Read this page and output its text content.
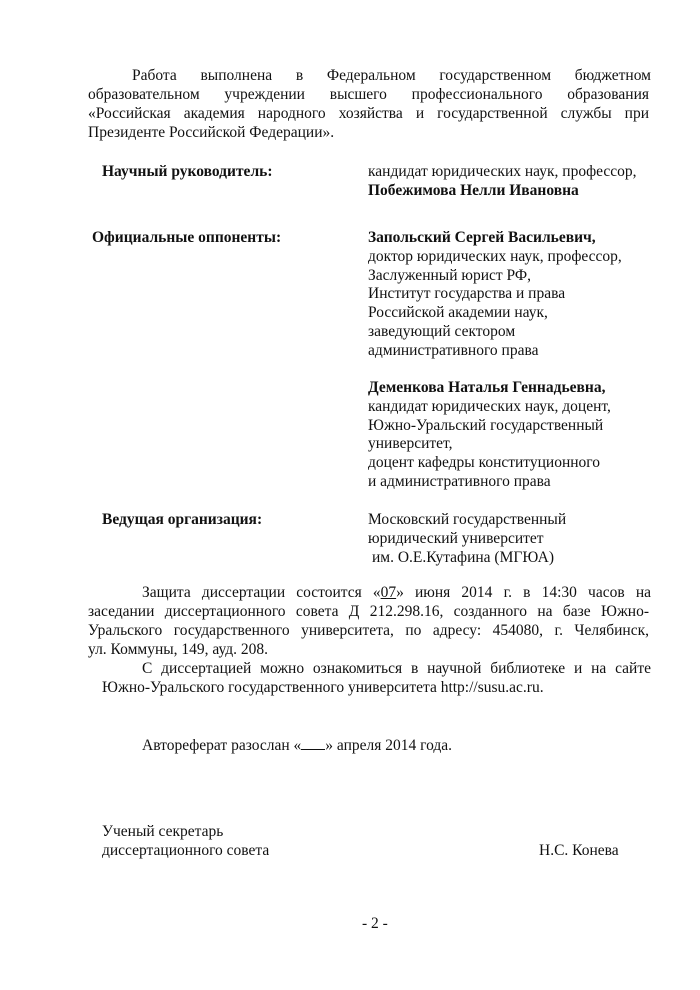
Работа выполнена в Федеральном государственном бюджетном
образовательном учреждении высшего профессионального образования
«Российская академия народного хозяйства и государственной службы при
Президенте Российской Федерации».
Научный руководитель:	кандидат юридических наук, профессор,
Побежимова Нелли Ивановна
Официальные оппоненты:	Запольский Сергей Васильевич,
доктор юридических наук, профессор,
Заслуженный юрист РФ,
Институт государства и права
Российской академии наук,
заведующий сектором
административного права
Деменкова Наталья Геннадьевна,
кандидат юридических наук, доцент,
Южно-Уральский государственный
университет,
доцент кафедры конституционного
и административного права
Ведущая организация:	Московский государственный
юридический университет
им. О.Е.Кутафина (МГЮА)
Защита диссертации состоится «07» июня 2014 г. в 14:30 часов на
заседании диссертационного совета Д 212.298.16, созданного на базе Южно-
Уральского государственного университета, по адресу: 454080, г. Челябинск,
ул. Коммуны, 149, ауд. 208.
С диссертацией можно ознакомиться в научной библиотеке и на сайте
Южно-Уральского государственного университета http://susu.ac.ru.
Автореферат разослан « » апреля 2014 года.
Ученый секретарь
диссертационного совета	Н.С. Конева
- 2 -
